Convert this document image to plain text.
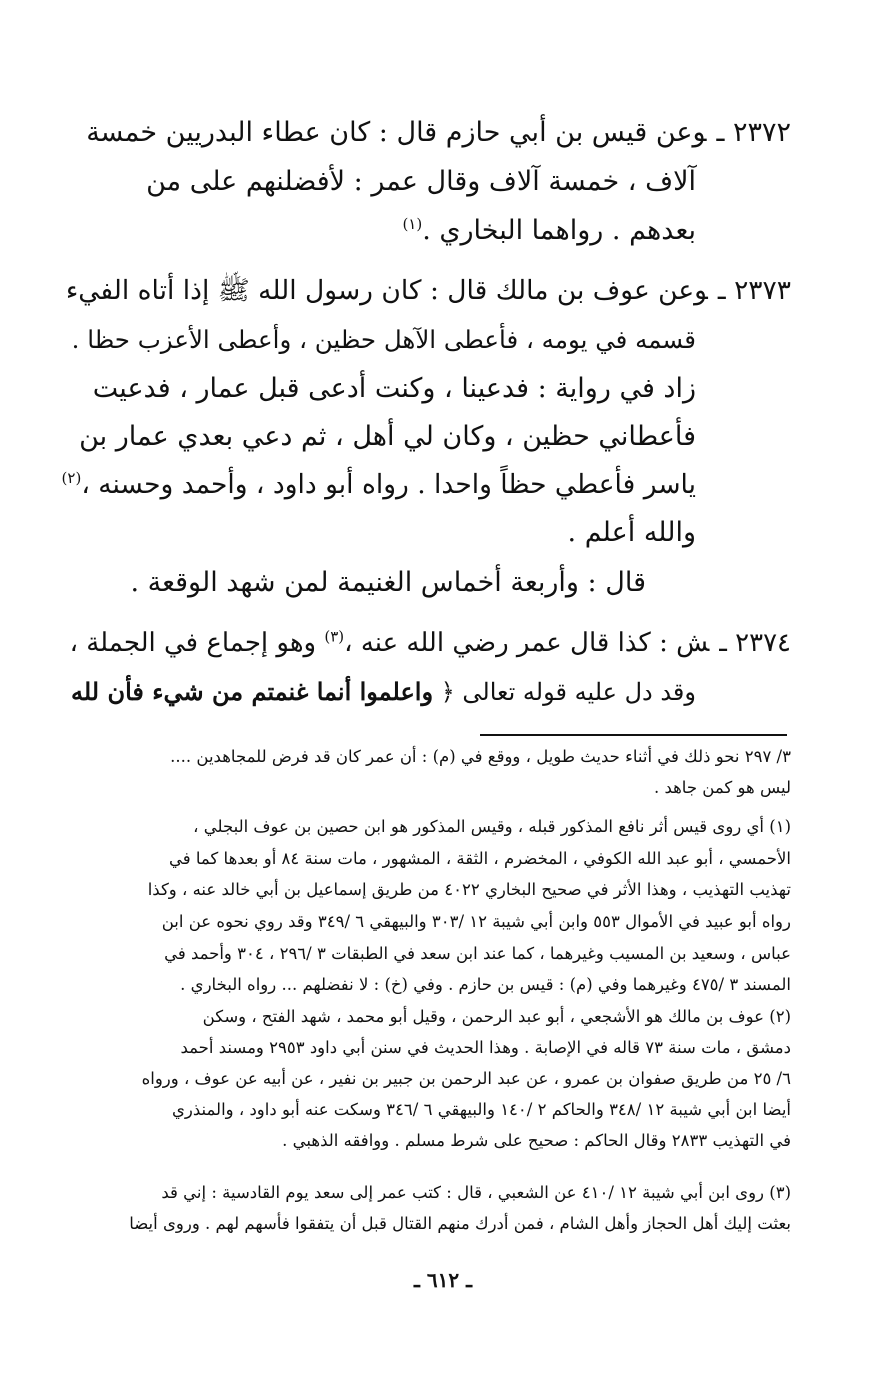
٢٣٧٢ ـوعن قيس بن أبي حازم قال : كان عطاء البدريين خمسة
آلاف ، خمسة آلاف وقال عمر : لأفضلنهم على من
بعدهم . رواهما البخاري .$^{(١)}$
٢٣٧٣ ـوعن عوف بن مالك قال : كان رسول الله ﷺ إذا أتاه الفيء
قسمه في يومه ، فأعطى الآهل حظين ، وأعطى الأعزب حظا .
زاد في رواية : فدعينا ، وكنت أدعى قبل عمار ، فدعيت
فأعطاني حظين ، وكان لي أهل ، ثم دعي بعدي عمار بن
ياسر فأعطي حظاً واحدا . رواه أبو داود ، وأحمد وحسنه ،$^{(٢)}$
والله أعلم .
قال : وأربعة أخماس الغنيمة لمن شهد الوقعة .
٢٣٧٤ ـش : كذا قال عمر رضي الله عنه ،$^{(٣)}$ وهو إجماع في الجملة ،
وقد دل عليه قوله تعالى ﴿ واعلموا أنما غنمتم من شيء فأن لله
٣/ ٢٩٧ نحو ذلك في أثناء حديث طويل ، ووقع في (م) : أن عمر كان قد فرض للمجاهدين ....
ليس هو كمن جاهد .
(١) أي روى قيس أثر نافع المذكور قبله ، وقيس المذكور هو ابن حصين بن عوف البجلي ،
الأحمسي ، أبو عبد الله الكوفي ، المخضرم ، الثقة ، المشهور ، مات سنة ٨٤ أو بعدها كما في
تهذيب التهذيب ، وهذا الأثر في صحيح البخاري ٤٠٢٢ من طريق إسماعيل بن أبي خالد عنه ، وكذا
رواه أبو عبيد في الأموال ٥٥٣ وابن أبي شيبة ١٢ /٣٠٣ والبيهقي ٦ /٣٤٩ وقد روي نحوه عن ابن
عباس ، وسعيد بن المسيب وغيرهما ، كما عند ابن سعد في الطبقات ٣ /٢٩٦ ، ٣٠٤ وأحمد في
المسند ٣ /٤٧٥ وغيرهما وفي (م) : قيس بن حازم . وفي (خ) : لا نفضلهم ... رواه البخاري .
(٢) عوف بن مالك هو الأشجعي ، أبو عبد الرحمن ، وقيل أبو محمد ، شهد الفتح ، وسكن
دمشق ، مات سنة ٧٣ قاله في الإصابة . وهذا الحديث في سنن أبي داود ٢٩٥٣ ومسند أحمد
٦/ ٢٥ من طريق صفوان بن عمرو ، عن عبد الرحمن بن جبير بن نفير ، عن أبيه عن عوف ، ورواه
أيضا ابن أبي شيبة ١٢ /٣٤٨ والحاكم ٢ /١٤٠ والبيهقي ٦ /٣٤٦ وسكت عنه أبو داود ، والمنذري
في التهذيب ٢٨٣٣ وقال الحاكم : صحيح على شرط مسلم . ووافقه الذهبي .
(٣) روى ابن أبي شيبة ١٢ /٤١٠ عن الشعبي ، قال : كتب عمر إلى سعد يوم القادسية : إني قد
بعثت إليك أهل الحجاز وأهل الشام ، فمن أدرك منهم القتال قبل أن يتفقوا فأسهم لهم . وروى أيضا
ـ ٦١٢ ـ
